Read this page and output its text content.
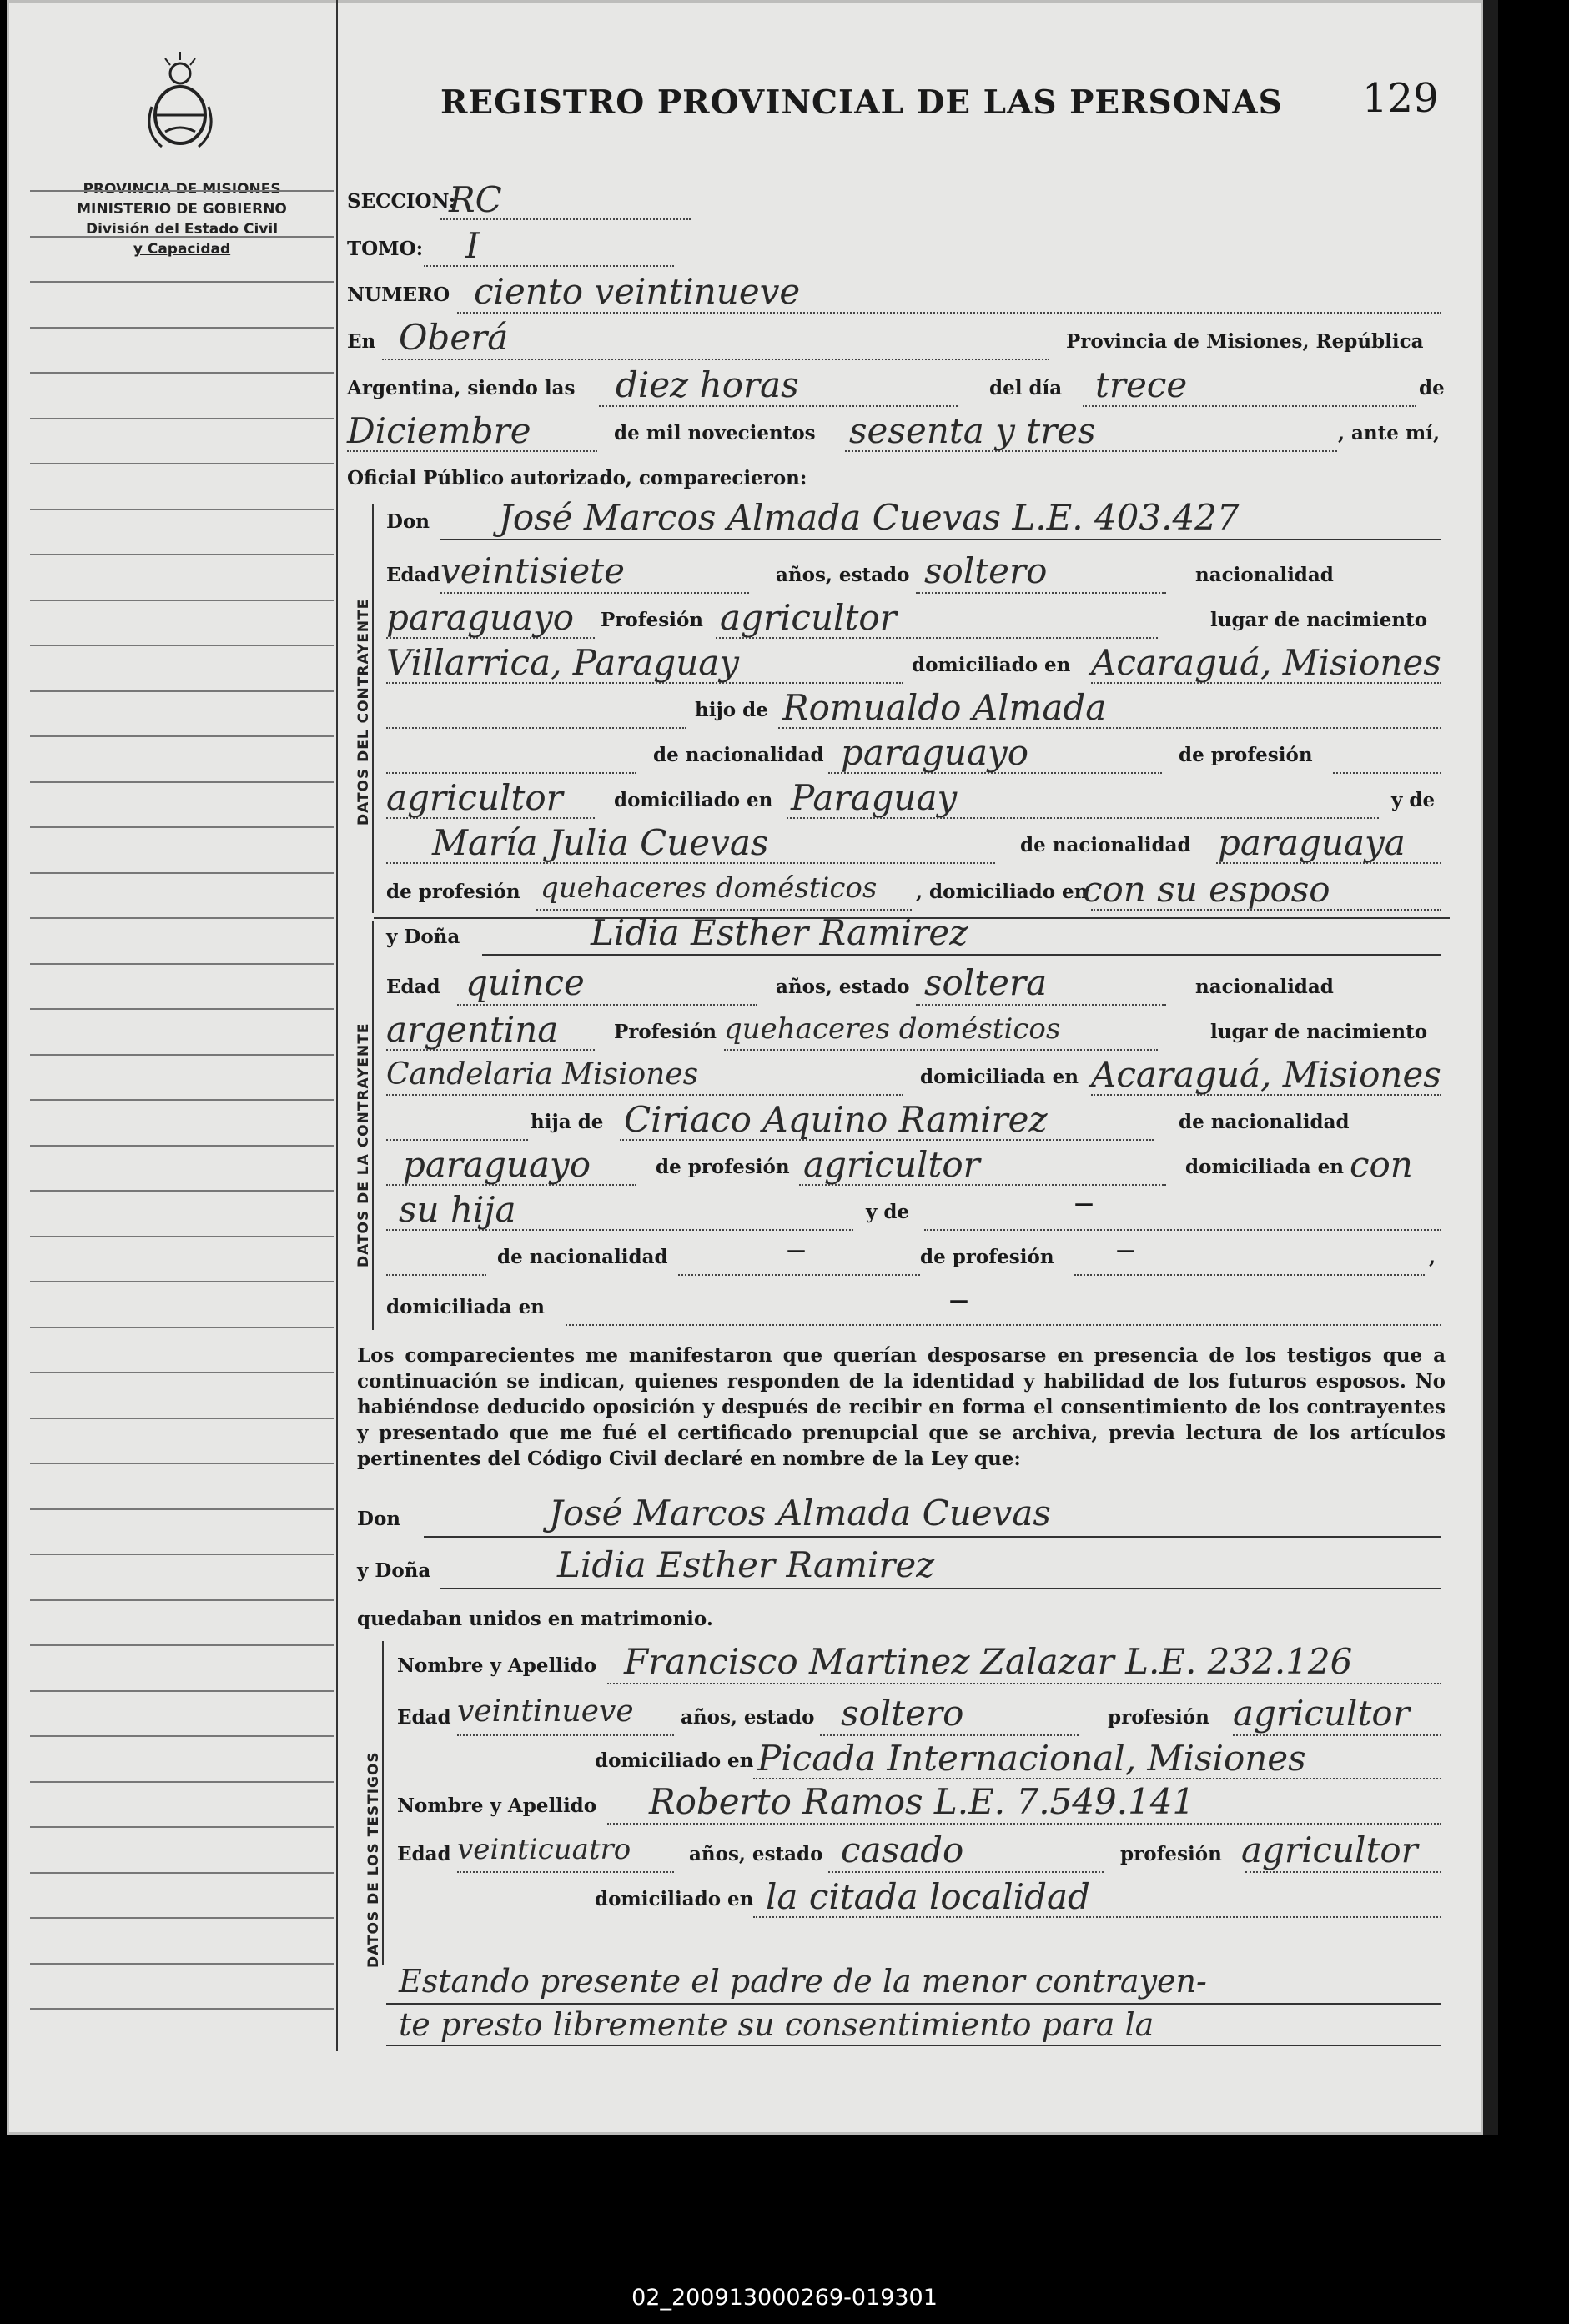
PROVINCIA DE MISIONES
MINISTERIO DE GOBIERNO
División del Estado Civil
y Capacidad
REGISTRO PROVINCIAL DE LAS PERSONAS 129
SECCION:
RC
TOMO: I
NUMERO ciento veintinueve
En Oberá	Provincia de Misiones, República
Argentina, siendo las diez horas	del día trece	de
Diciembre	de mil novecientos sesenta y tres	, ante mí,
Oficial Público autorizado, comparecieron:
DATOS DEL CONTRAYENTE
Don José Marcos Almada Cuevas L.E. 403.427
Edad veintisiete	años, estado soltero	nacionalidad
paraguayo Profesión agricultor	lugar de nacimiento
Villarrica, Paraguay	domiciliado en Acaraguá, Misiones
hijo de Romualdo Almada
de nacionalidad paraguayo	de profesión
agricultor	domiciliado en Paraguay	y de
María Julia Cuevas	de nacionalidad paraguaya
de profesión quehaceres domésticos , domiciliado en
con su esposo
DATOS DE LA CONTRAYENTE
y Doña	Lidia Esther Ramirez
Edad quince	años, estado soltera	nacionalidad
argentina	Profesión quehaceres domésticos	lugar de nacimiento
Candelaria Misiones	domiciliada en Acaraguá, Misiones
hija de Ciriaco Aquino Ramirez	de nacionalidad
paraguayo	de profesión agricultor	domiciliada en con
su hija	y de	—
de nacionalidad	—	de profesión	—	,
domiciliada en	—
Los comparecientes me manifestaron que querían desposarse en presencia de los testigos que a continuación se indican, quienes responden de la identidad y habilidad de los futuros esposos. No habiéndose deducido oposición y después de recibir en forma el consentimiento de los contrayentes y presentado que me fué el certificado prenupcial que se archiva, previa lectura de los artículos pertinentes del Código Civil declaré en nombre de la Ley que:
Don	José Marcos Almada Cuevas
y Doña	Lidia Esther Ramirez
quedaban unidos en matrimonio.
DATOS DE LOS TESTIGOS
Nombre y Apellido Francisco Martinez Zalazar L.E. 232.126
Edad veintinueve años, estado soltero	profesión agricultor
domiciliado en Picada Internacional, Misiones
Nombre y Apellido Roberto Ramos L.E. 7.549.141
Edad veinticuatro	años, estado casado	profesión agricultor
domiciliado en la citada localidad
Estando presente el padre de la menor contrayen-
te presto libremente su consentimiento para la
02_200913000269-019301
